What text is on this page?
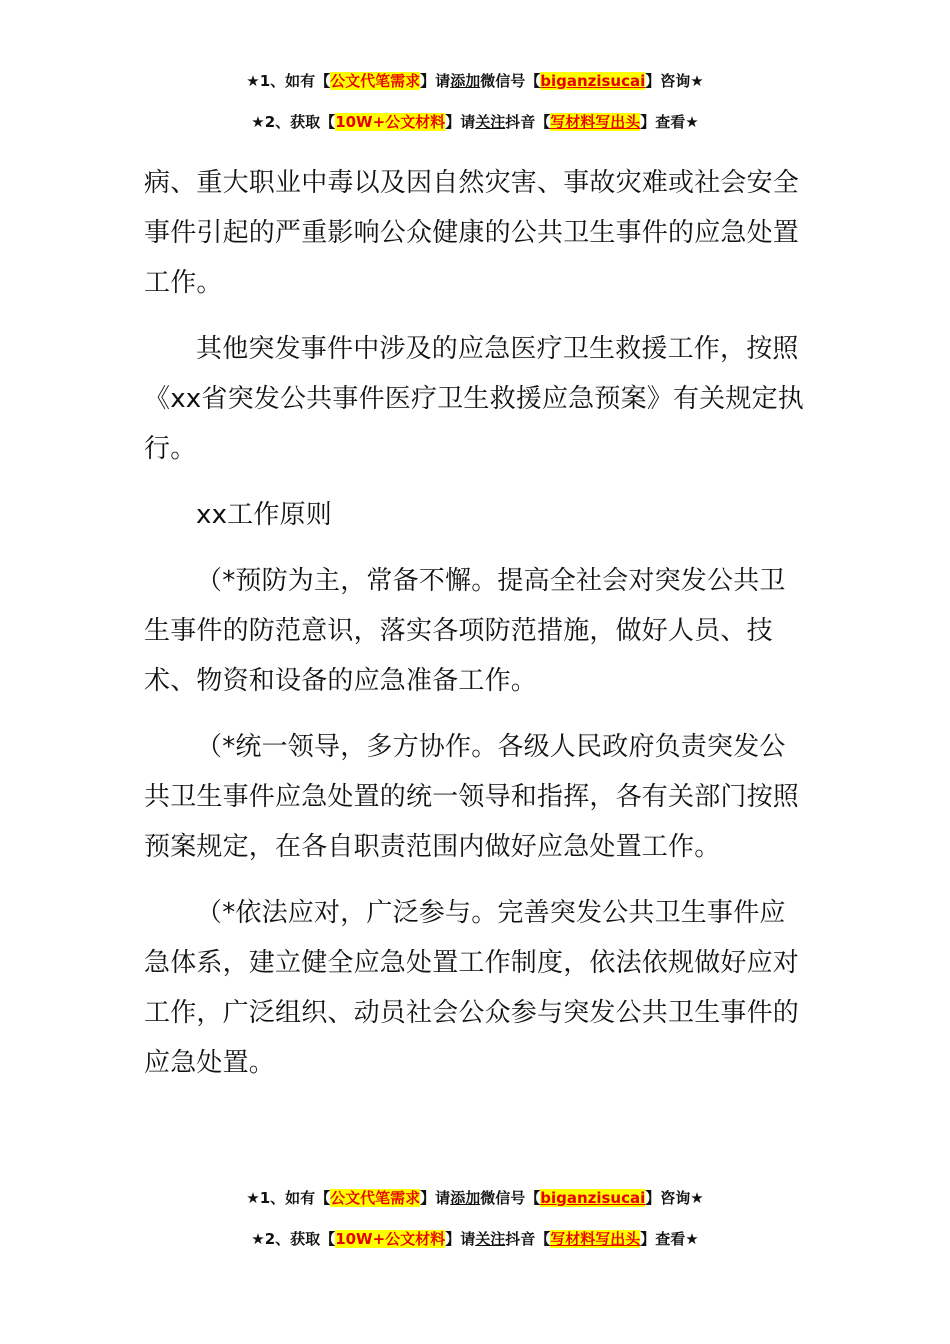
★1、如有【公文代笔需求】请添加微信号【biganzisucai】咨询★
★2、获取【10W+公文材料】请关注抖音【写材料写出头】查看★

病、重大职业中毒以及因自然灾害、事故灾难或社会安全事件引起的严重影响公众健康的公共卫生事件的应急处置工作。

其他突发事件中涉及的应急医疗卫生救援工作，按照《xx省突发公共事件医疗卫生救援应急预案》有关规定执行。

xx工作原则

（*预防为主，常备不懈。提高全社会对突发公共卫生事件的防范意识，落实各项防范措施，做好人员、技术、物资和设备的应急准备工作。

（*统一领导，多方协作。各级人民政府负责突发公共卫生事件应急处置的统一领导和指挥，各有关部门按照预案规定，在各自职责范围内做好应急处置工作。

（*依法应对，广泛参与。完善突发公共卫生事件应急体系，建立健全应急处置工作制度，依法依规做好应对工作，广泛组织、动员社会公众参与突发公共卫生事件的应急处置。

★1、如有【公文代笔需求】请添加微信号【biganzisucai】咨询★
★2、获取【10W+公文材料】请关注抖音【写材料写出头】查看★
